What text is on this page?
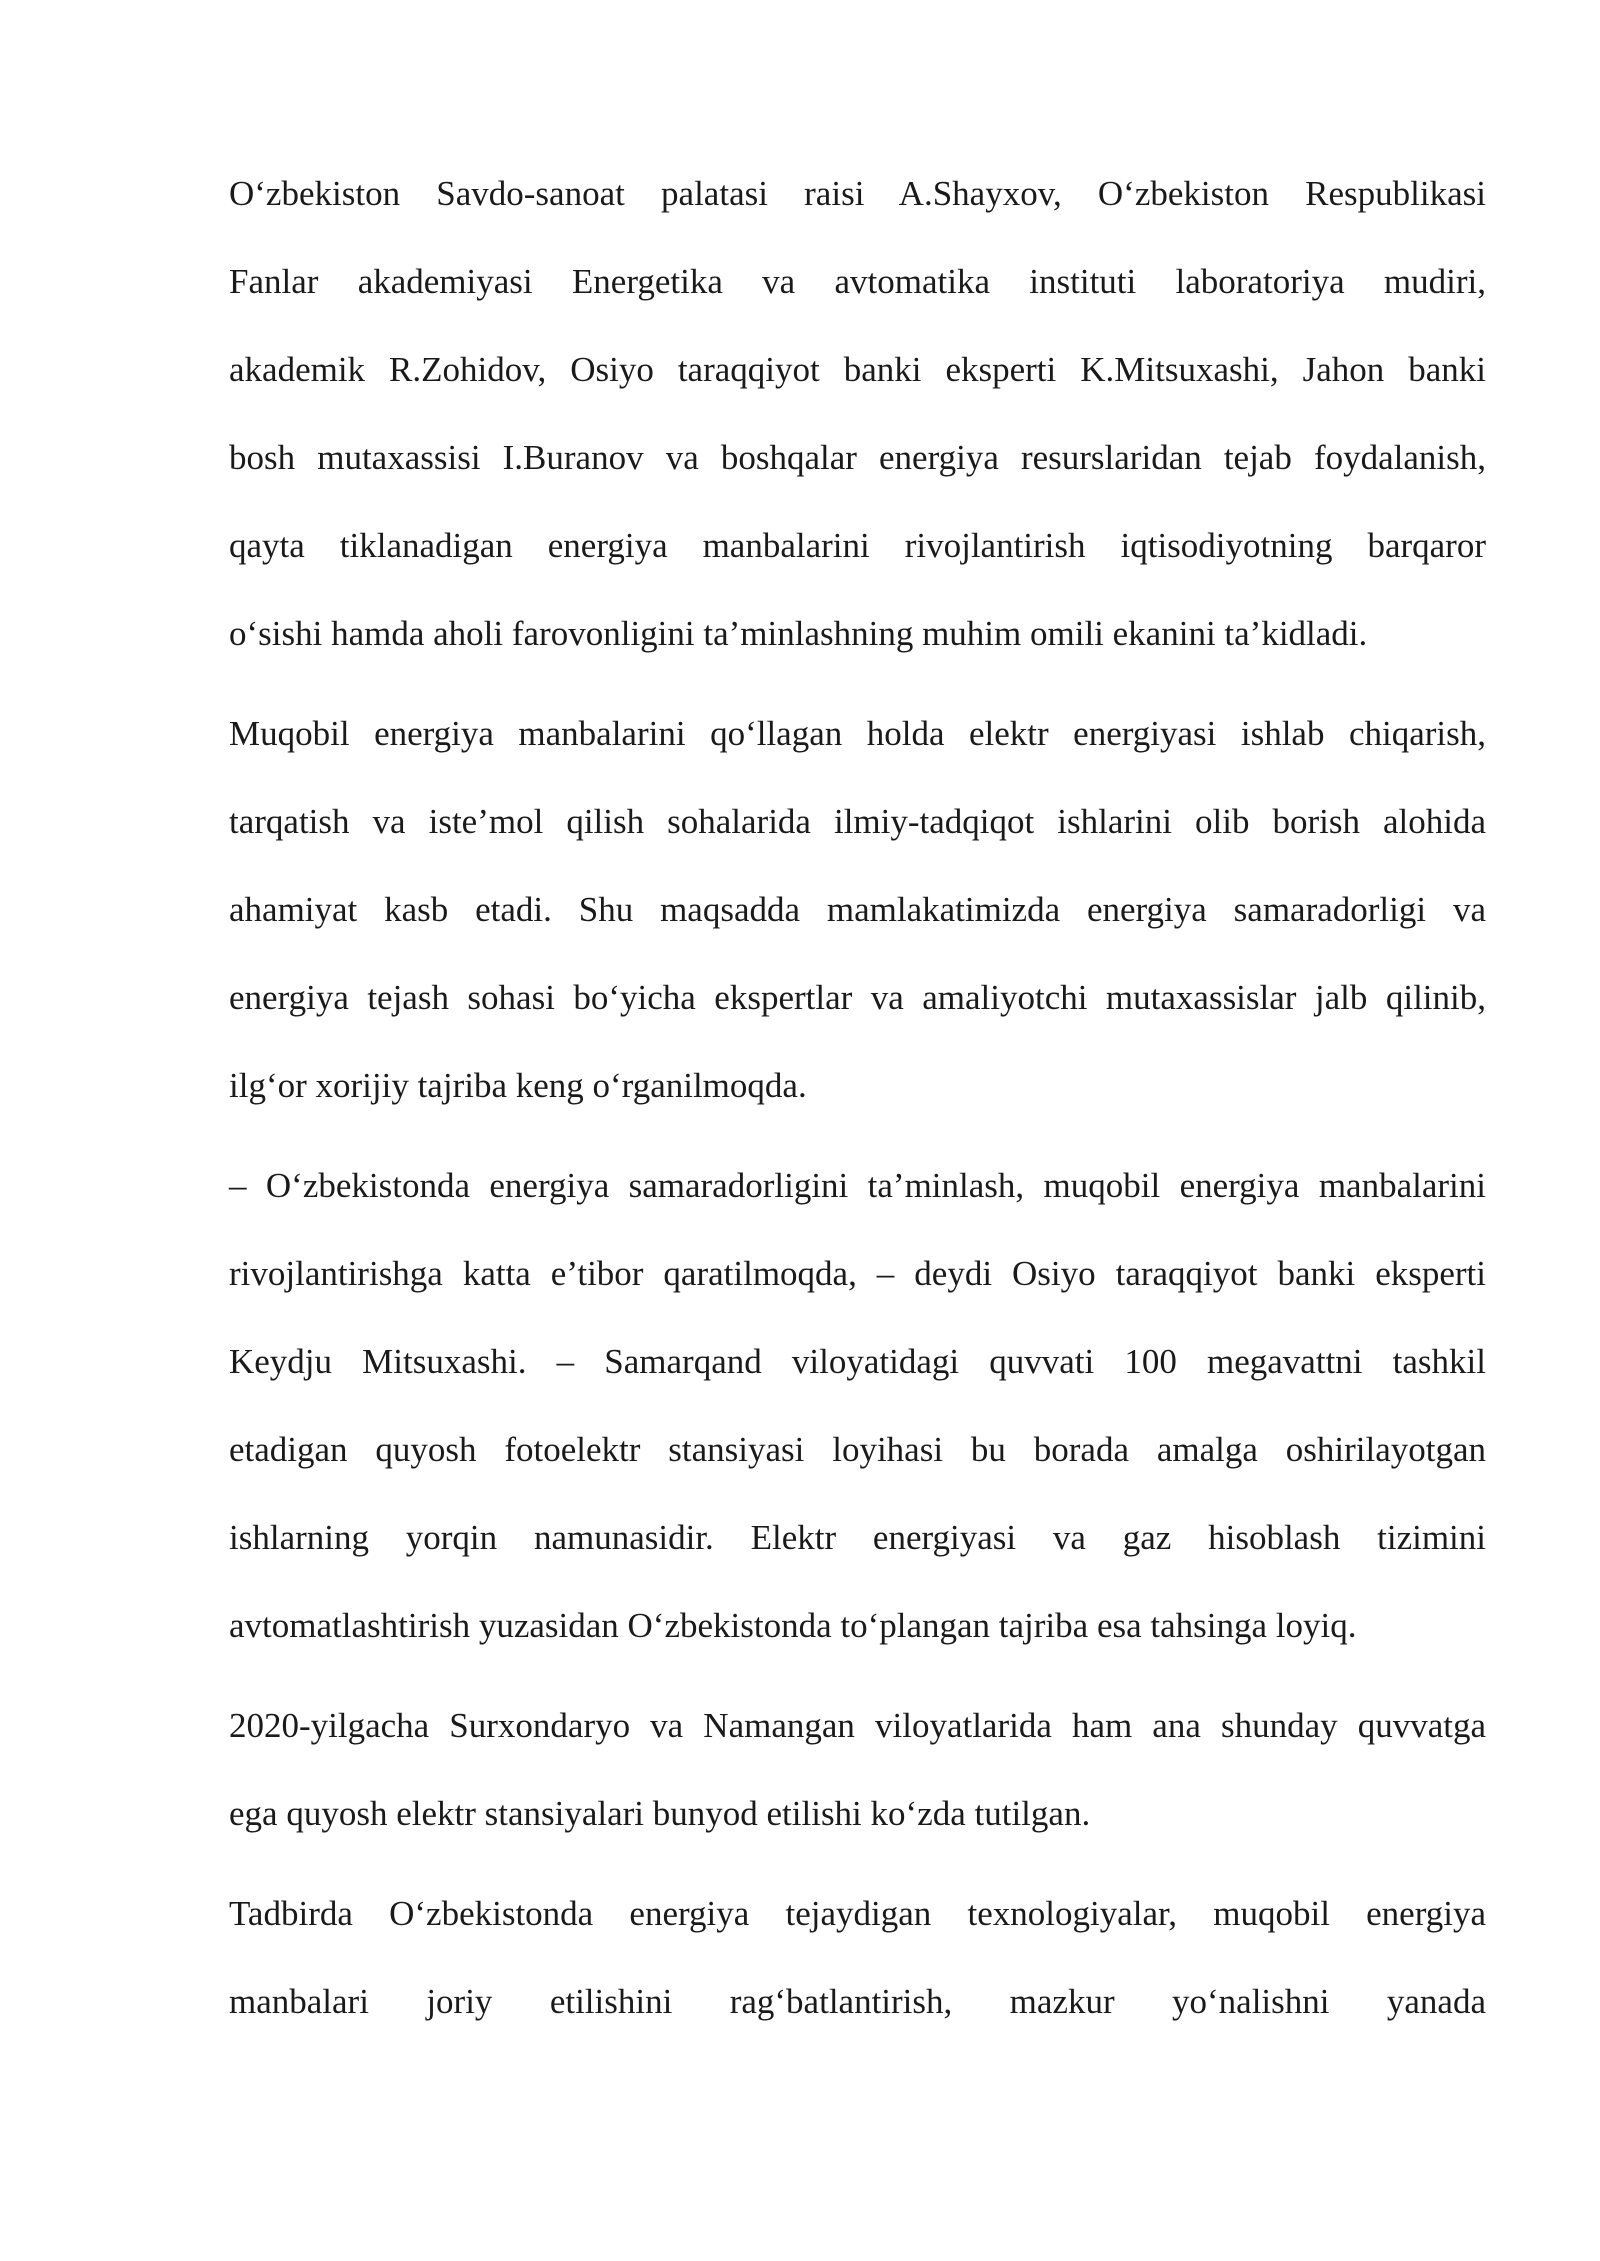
O‘zbekiston Savdo-sanoat palatasi raisi A.Shayxov, O‘zbekiston Respublikasi
Fanlar akademiyasi Energetika va avtomatika instituti laboratoriya mudiri,
akademik R.Zohidov, Osiyo taraqqiyot banki eksperti K.Mitsuxashi, Jahon banki
bosh mutaxassisi I.Buranov va boshqalar energiya resurslaridan tejab foydalanish,
qayta tiklanadigan energiya manbalarini rivojlantirish iqtisodiyotning barqaror
o‘sishi hamda aholi farovonligini ta’minlashning muhim omili ekanini ta’kidladi.
Muqobil energiya manbalarini qo‘llagan holda elektr energiyasi ishlab chiqarish,
tarqatish va iste’mol qilish sohalarida ilmiy-tadqiqot ishlarini olib borish alohida
ahamiyat kasb etadi. Shu maqsadda mamlakatimizda energiya samaradorligi va
energiya tejash sohasi bo‘yicha ekspertlar va amaliyotchi mutaxassislar jalb qilinib,
ilg‘or xorijiy tajriba keng o‘rganilmoqda.
– O‘zbekistonda energiya samaradorligini ta’minlash, muqobil energiya manbalarini
rivojlantirishga katta e’tibor qaratilmoqda, – deydi Osiyo taraqqiyot banki eksperti
Keydju Mitsuxashi. – Samarqand viloyatidagi quvvati 100 megavattni tashkil
etadigan quyosh fotoelektr stansiyasi loyihasi bu borada amalga oshirilayotgan
ishlarning yorqin namunasidir. Elektr energiyasi va gaz hisoblash tizimini
avtomatlashtirish yuzasidan O‘zbekistonda to‘plangan tajriba esa tahsinga loyiq.
2020-yilgacha Surxondaryo va Namangan viloyatlarida ham ana shunday quvvatga
ega quyosh elektr stansiyalari bunyod etilishi ko‘zda tutilgan.
Tadbirda O‘zbekistonda energiya tejaydigan texnologiyalar, muqobil energiya
manbalari joriy etilishini rag‘batlantirish, mazkur yo‘nalishni yanada
